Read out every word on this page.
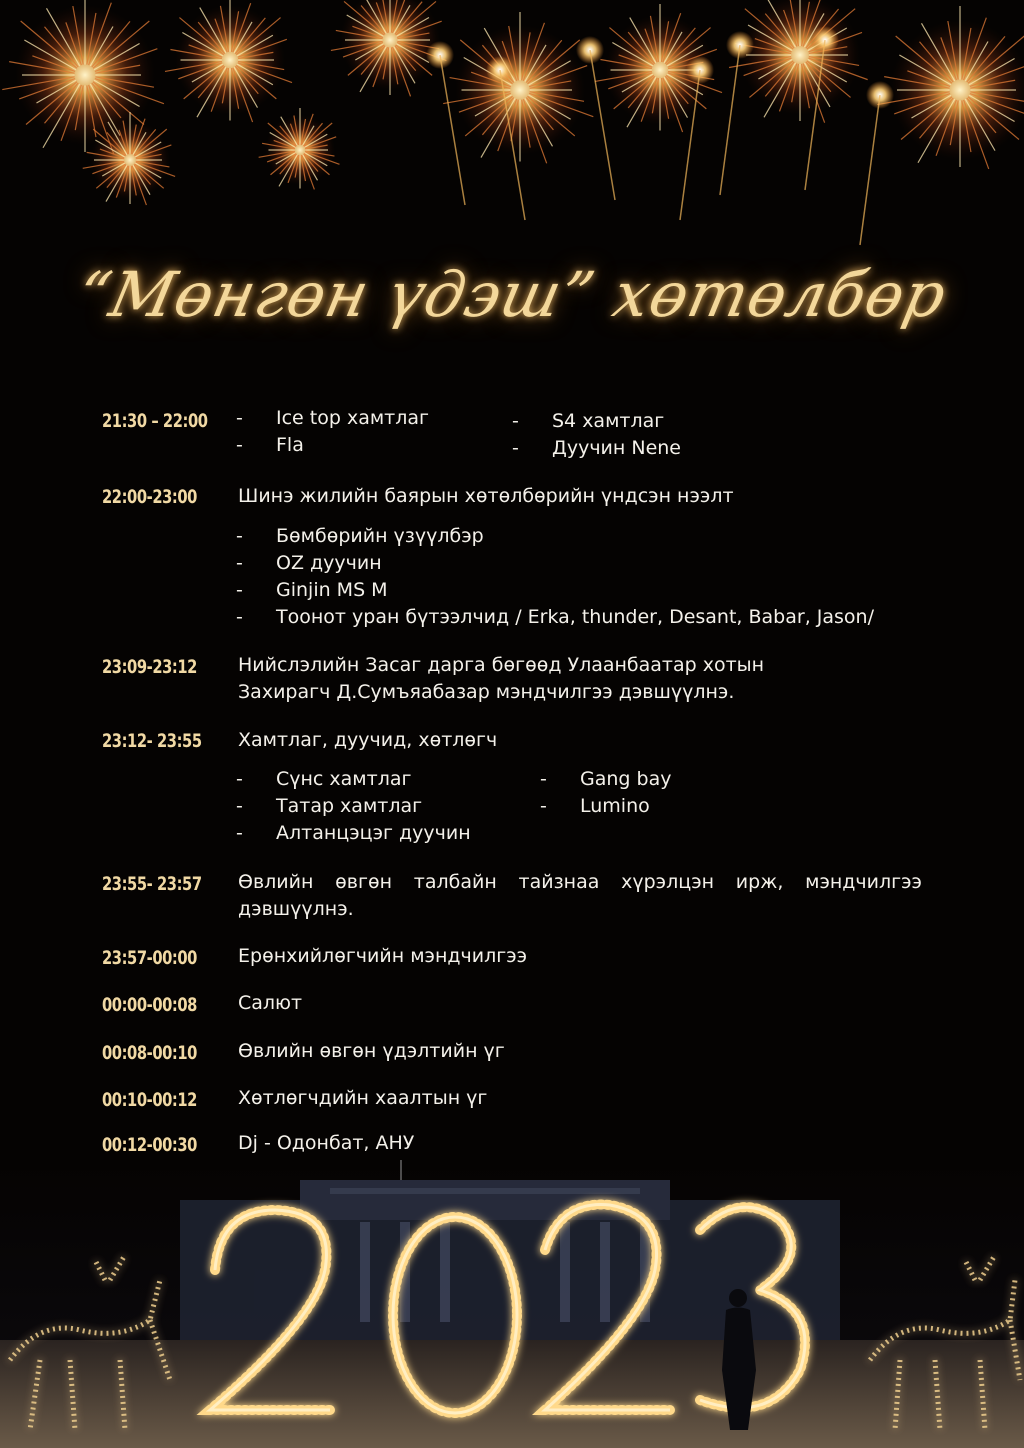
“Мөнгөн үдэш” хөтөлбөр
21:30 – 22:00	- Ice top хамтлаг
- Fla
- S4 хамтлаг
- Дуучин Nene
22:00-23:00	Шинэ жилийн баярын хөтөлбөрийн үндсэн нээлт
- Бөмбөрийн үзүүлбэр
- OZ дуучин
- Ginjin MS M
- Тоонот уран бүтээлчид / Erka, thunder, Desant, Babar, Jason/
23:09-23:12	Нийслэлийн Засаг дарга бөгөөд Улаанбаатар хотын Захирагч Д.Сумъяабазар мэндчилгээ дэвшүүлнэ.
23:12- 23:55	Хамтлаг, дуучид, хөтлөгч
- Сүнс хамтлаг
- Татар хамтлаг
- Алтанцэцэг дуучин
- Gang bay
- Lumino
23:55- 23:57	Өвлийн өвгөн талбайн тайзнаа хүрэлцэн ирж, мэндчилгээ дэвшүүлнэ.
23:57-00:00	Ерөнхийлөгчийн мэндчилгээ
00:00-00:08	Салют
00:08-00:10	Өвлийн өвгөн үдэлтийн үг
00:10-00:12	Хөтлөгчдийн хаалтын үг
00:12-00:30	Dj - Одонбат, АНУ
